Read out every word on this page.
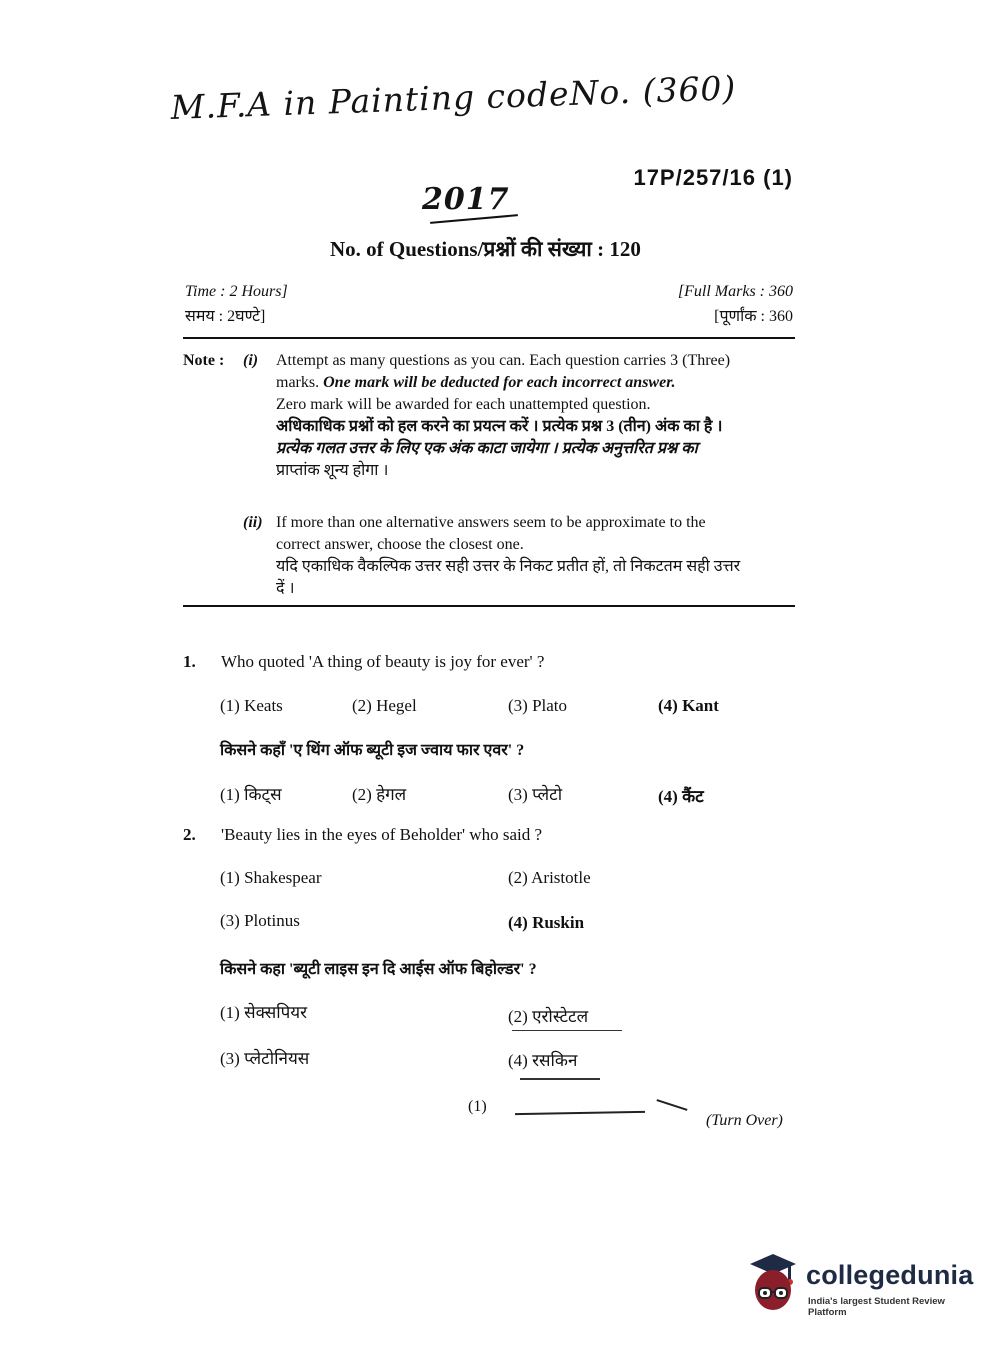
M.F.A in Painting codeNo. (360)
17P/257/16 (1)
2017
No. of Questions/प्रश्नों की संख्या : 120
Time : 2 Hours]
समय : 2घण्टे]
[Full Marks : 360
[पूर्णांक : 360
Note : (i) Attempt as many questions as you can. Each question carries 3 (Three)
marks. One mark will be deducted for each incorrect answer.
Zero mark will be awarded for each unattempted question.
अधिकाधिक प्रश्नों को हल करने का प्रयत्न करें । प्रत्येक प्रश्न 3 (तीन) अंक का है ।
प्रत्येक गलत उत्तर के लिए एक अंक काटा जायेगा । प्रत्येक अनुत्तरित प्रश्न का
प्राप्तांक शून्य होगा ।
(ii) If more than one alternative answers seem to be approximate to the
correct answer, choose the closest one.
यदि एकाधिक वैकल्पिक उत्तर सही उत्तर के निकट प्रतीत हों, तो निकटतम सही उत्तर
दें ।
1. Who quoted 'A thing of beauty is joy for ever' ?
(1) Keats	(2) Hegel	(3) Plato	(4) Kant
किसने कहाँ 'ए थिंग ऑफ ब्यूटी इज ज्वाय फार एवर' ?
(1) किट्स	(2) हेगल	(3) प्लेटो	(4) कैंट
2. 'Beauty lies in the eyes of Beholder' who said ?
(1) Shakespear	(2) Aristotle
(3) Plotinus	(4) Ruskin
किसने कहा 'ब्यूटी लाइस इन दि आईस ऑफ बिहोल्डर' ?
(1) सेक्सपियर	(2) एरोस्टेटल
(3) प्लेटोनियस	(4) रसकिन
(1)
(Turn Over)
collegedunia
India's largest Student Review Platform
